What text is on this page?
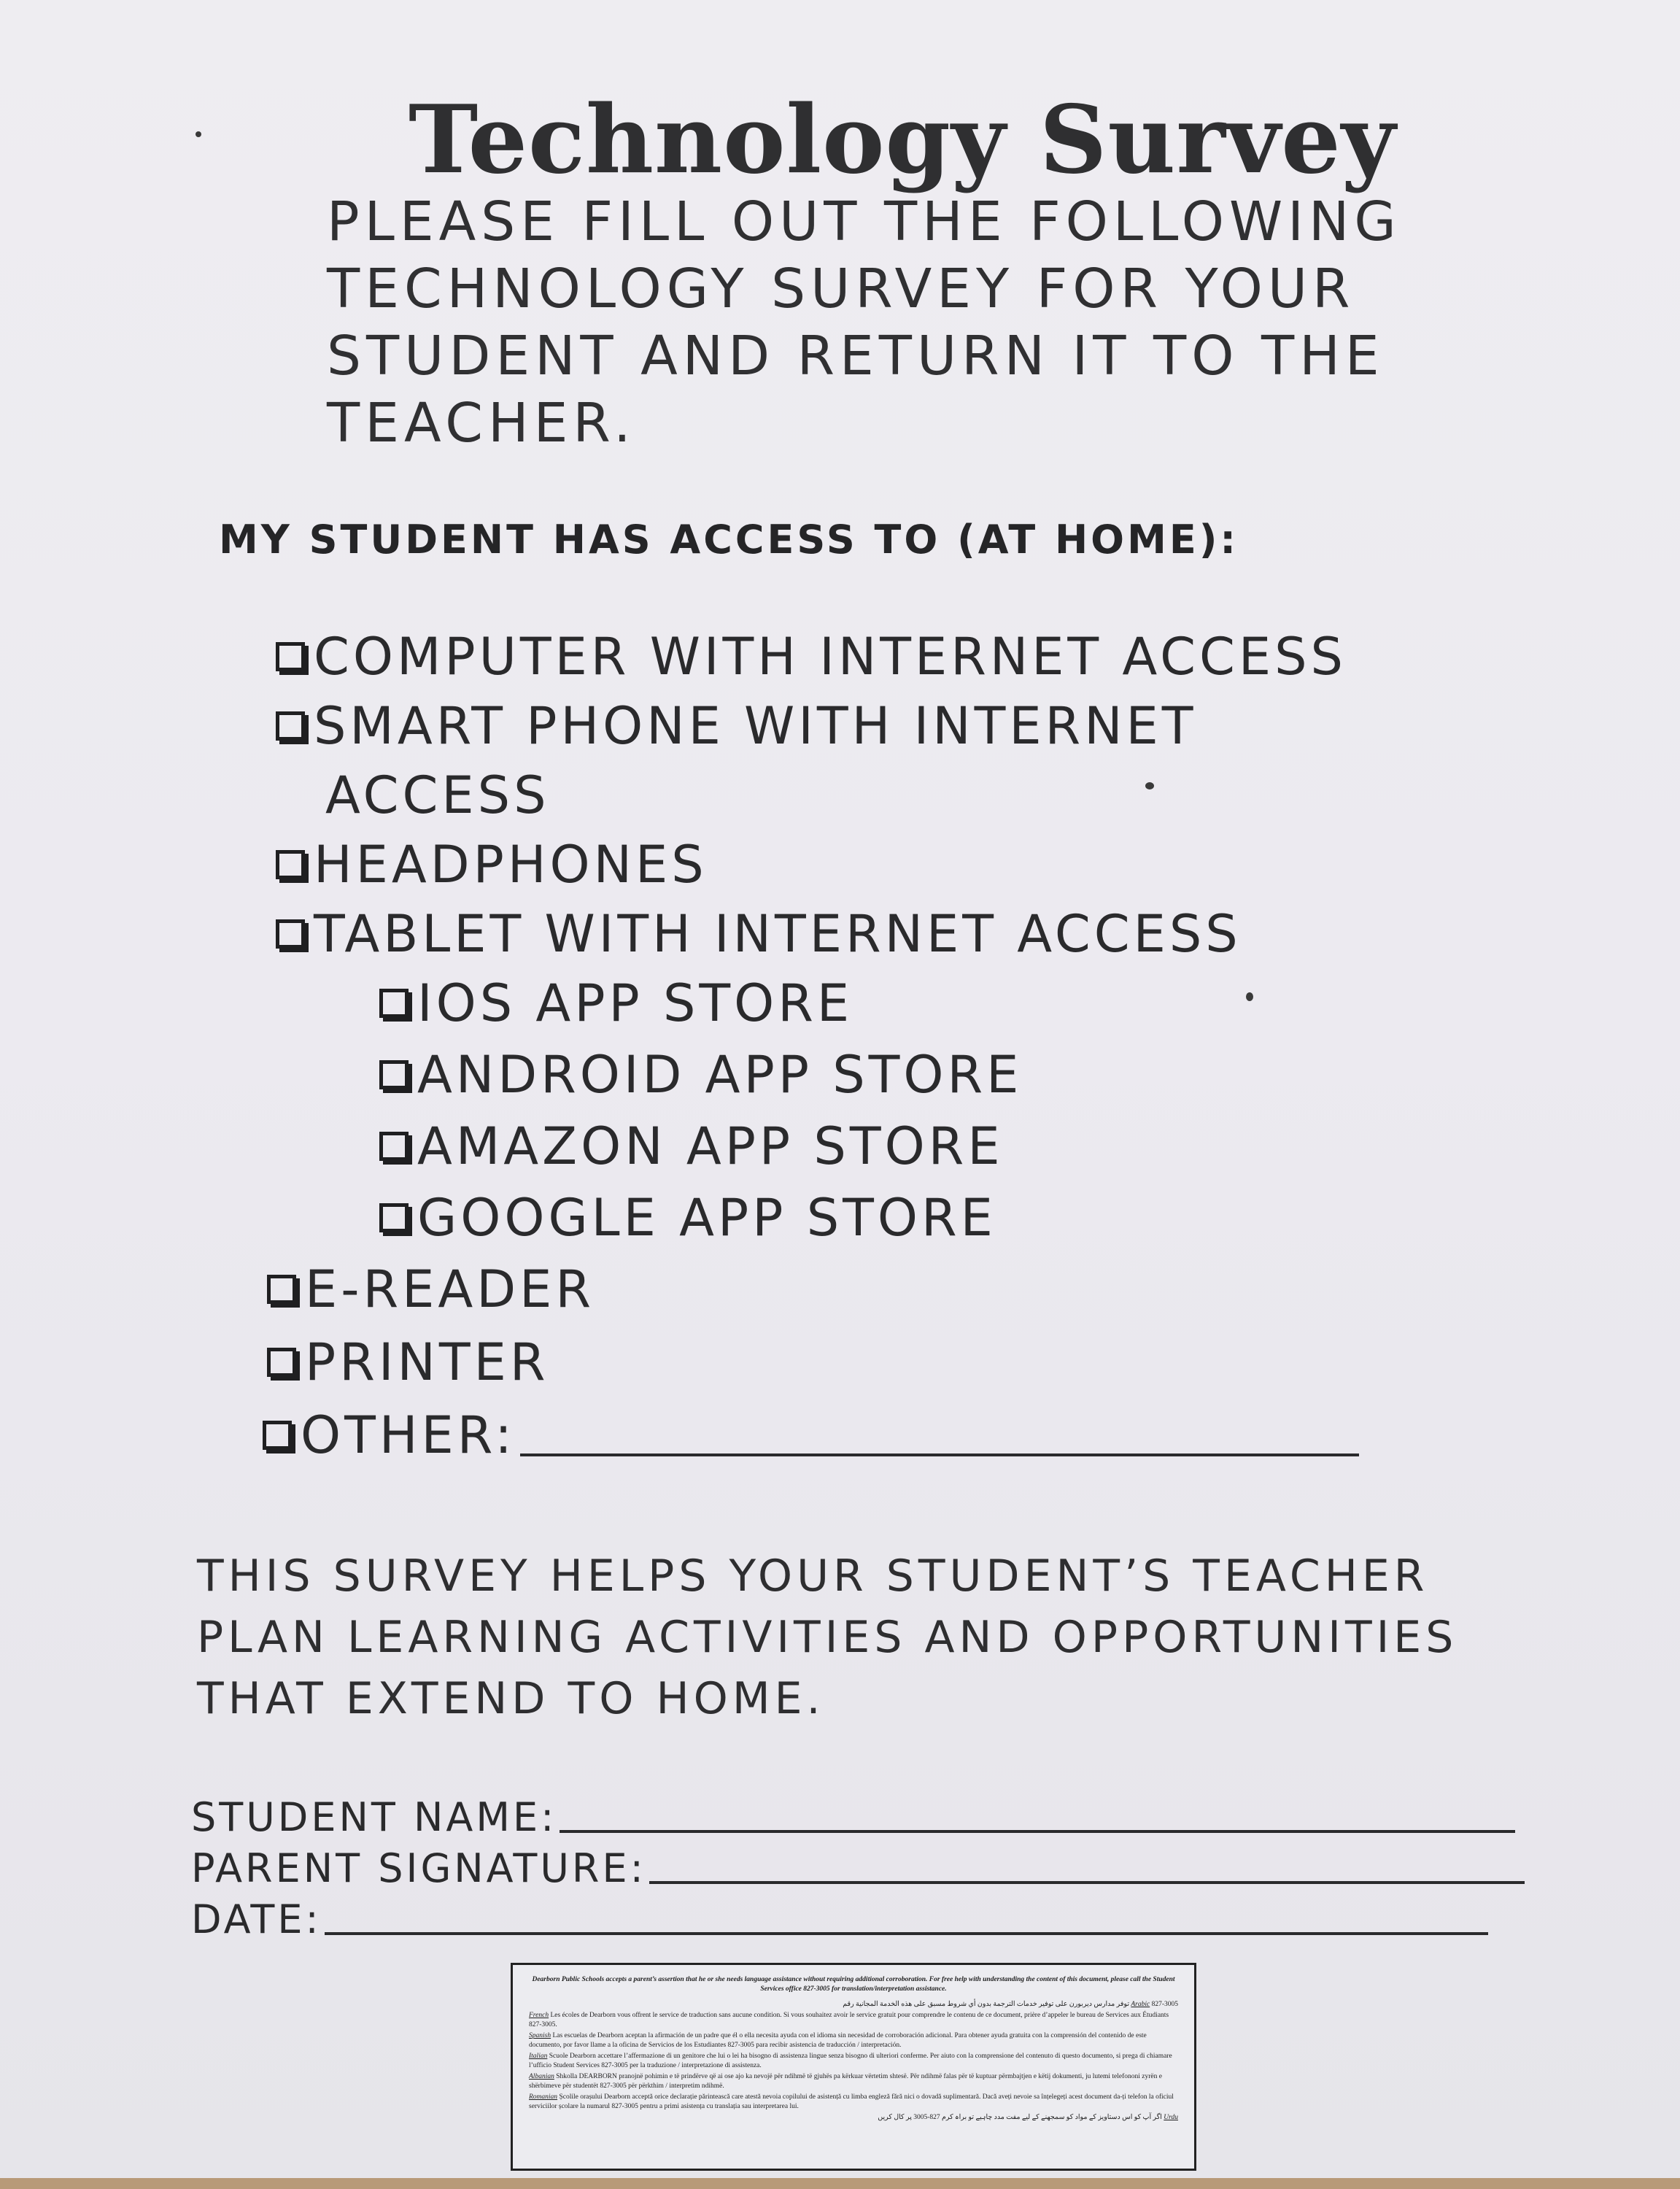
Technology Survey
PLEASE FILL OUT THE FOLLOWING
TECHNOLOGY SURVEY FOR YOUR
STUDENT AND RETURN IT TO THE
TEACHER.
MY STUDENT HAS ACCESS TO (AT HOME):
COMPUTER WITH INTERNET ACCESS
SMART PHONE WITH INTERNET
ACCESS
HEADPHONES
TABLET WITH INTERNET ACCESS
IOS APP STORE
ANDROID APP STORE
AMAZON APP STORE
GOOGLE APP STORE
E-READER
PRINTER
OTHER:
THIS SURVEY HELPS YOUR STUDENT’S TEACHER
PLAN LEARNING ACTIVITIES AND OPPORTUNITIES
THAT EXTEND TO HOME.
STUDENT NAME:
PARENT SIGNATURE:
DATE:
Dearborn Public Schools accepts a parent’s assertion that he or she needs language assistance without requiring additional corroboration. For free help with understanding the content of this document, please call the Student Services office 827-3005 for translation/interpretation assistance.
Arabic 827-3005 توفر مدارس ديربورن على توفير خدمات الترجمة بدون أي شروط مسبق على هذه الخدمة المجانية رقم
French Les écoles de Dearborn vous offrent le service de traduction sans aucune condition. Si vous souhaitez avoir le service gratuit pour comprendre le contenu de ce document, prière d’appeler le bureau de Services aux Étudiants 827-3005.
Spanish Las escuelas de Dearborn aceptan la afirmación de un padre que él o ella necesita ayuda con el idioma sin necesidad de corroboración adicional. Para obtener ayuda gratuita con la comprensión del contenido de este documento, por favor llame a la oficina de Servicios de los Estudiantes 827-3005 para recibir asistencia de traducción / interpretación.
Italian Scuole Dearborn accettare l’affermazione di un genitore che lui o lei ha bisogno di assistenza lingue senza bisogno di ulteriori conferme. Per aiuto con la comprensione del contenuto di questo documento, si prega di chiamare l’ufficio Student Services 827-3005 per la traduzione / interpretazione di assistenza.
Albanian Shkolla DEARBORN pranojnë pohimin e të prindërve që ai ose ajo ka nevojë për ndihmë të gjuhës pa kërkuar vërtetim shtesë. Për ndihmë falas për të kuptuar përmbajtjen e këtij dokumenti, ju lutemi telefononi zyrën e shërbimeve për studentët 827-3005 për përkthim / interpretim ndihmë.
Romanian Școlile orașului Dearborn acceptă orice declarație părintească care atestă nevoia copilului de asistență cu limba engleză fără nici o dovadă suplimentară. Dacă aveți nevoie sa înțelegeți acest document da-ți telefon la oficiul serviciilor școlare la numarul 827-3005 pentru a primi asistența cu translația sau interpretarea lui.
Urdu اگر آپ کو اس دستاویز کے مواد کو سمجھنے کے لیے مفت مدد چاہیے تو براہ کرم 827-3005 پر کال کریں
